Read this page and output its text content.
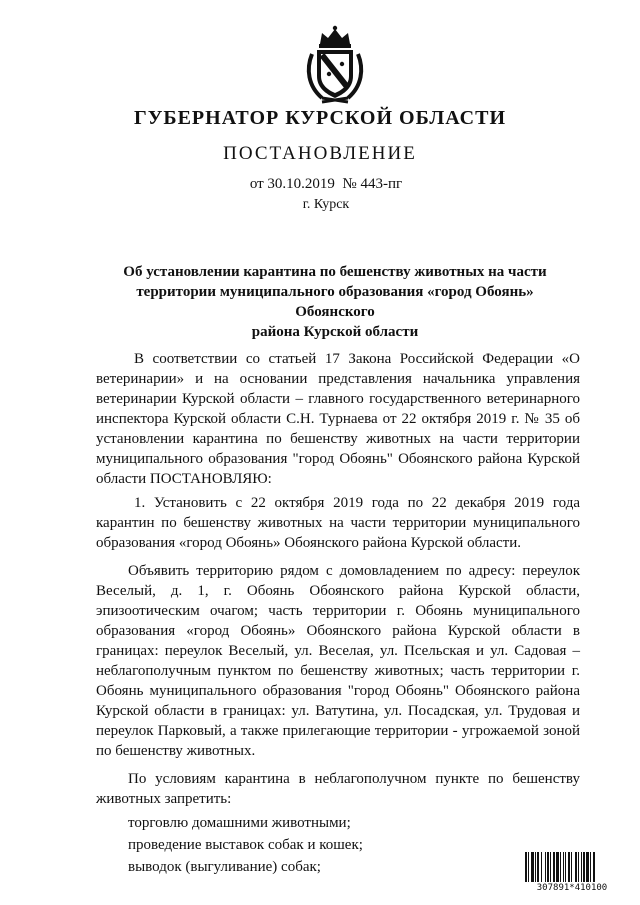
ГУБЕРНАТОР КУРСКОЙ ОБЛАСТИ
ПОСТАНОВЛЕНИЕ
от 30.10.2019  № 443-пг
г. Курск
Об установлении карантина по бешенству животных на части
территории муниципального образования «город Обоянь» Обоянского
района Курской области

В соответствии со статьей 17 Закона Российской Федерации «О ветеринарии» и на основании представления начальника управления ветеринарии Курской области – главного государственного ветеринарного инспектора Курской области С.Н. Турнаева от 22 октября 2019 г. № 35 об установлении карантина по бешенству животных на части территории муниципального образования "город Обоянь" Обоянского района Курской области ПОСТАНОВЛЯЮ:

1. Установить с 22 октября 2019 года по 22 декабря 2019 года карантин по бешенству животных на части территории муниципального образования «город Обоянь» Обоянского района Курской области.

Объявить территорию рядом с домовладением по адресу: переулок Веселый, д. 1, г. Обоянь Обоянского района Курской области, эпизоотическим очагом; часть территории г. Обоянь муниципального образования «город Обоянь» Обоянского района Курской области в границах: переулок Веселый, ул. Веселая, ул. Псельская и ул. Садовая – неблагополучным пунктом по бешенству животных; часть территории г. Обоянь муниципального образования "город Обоянь" Обоянского района Курской области в границах: ул. Ватутина, ул. Посадская, ул. Трудовая и переулок Парковый, а также прилегающие территории - угрожаемой зоной по бешенству животных.

По условиям карантина в неблагополучном пункте по бешенству животных запретить:

торговлю домашними животными;

проведение выставок собак и кошек;

выводок (выгуливание) собак;

307891*410100
